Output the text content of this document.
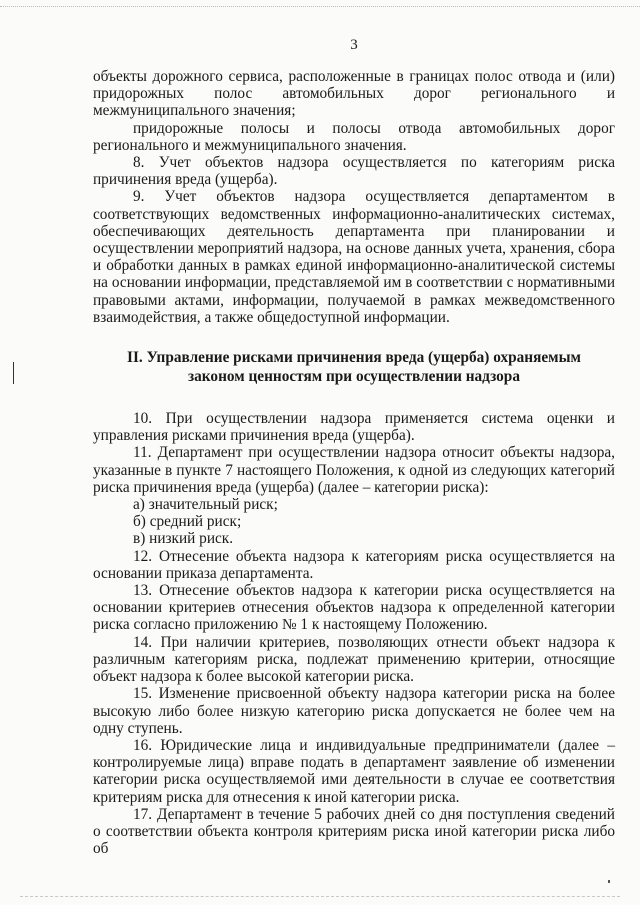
3

объекты дорожного сервиса, расположенные в границах полос отвода и (или) придорожных полос автомобильных дорог регионального и межмуниципального значения;

придорожные полосы и полосы отвода автомобильных дорог регионального и межмуниципального значения.

8. Учет объектов надзора осуществляется по категориям риска причинения вреда (ущерба).

9. Учет объектов надзора осуществляется департаментом в соответствующих ведомственных информационно-аналитических системах, обеспечивающих деятельность департамента при планировании и осуществлении мероприятий надзора, на основе данных учета, хранения, сбора и обработки данных в рамках единой информационно-аналитической системы на основании информации, представляемой им в соответствии с нормативными правовыми актами, информации, получаемой в рамках межведомственного взаимодействия, а также общедоступной информации.

II. Управление рисками причинения вреда (ущерба) охраняемым
законом ценностям при осуществлении надзора

10. При осуществлении надзора применяется система оценки и управления рисками причинения вреда (ущерба).

11. Департамент при осуществлении надзора относит объекты надзора, указанные в пункте 7 настоящего Положения, к одной из следующих категорий риска причинения вреда (ущерба) (далее – категории риска):

а) значительный риск;

б) средний риск;

в) низкий риск.

12. Отнесение объекта надзора к категориям риска осуществляется на основании приказа департамента.

13. Отнесение объектов надзора к категории риска осуществляется на основании критериев отнесения объектов надзора к определенной категории риска согласно приложению № 1 к настоящему Положению.

14. При наличии критериев, позволяющих отнести объект надзора к различным категориям риска, подлежат применению критерии, относящие объект надзора к более высокой категории риска.

15. Изменение присвоенной объекту надзора категории риска на более высокую либо более низкую категорию риска допускается не более чем на одну ступень.

16. Юридические лица и индивидуальные предприниматели (далее – контролируемые лица) вправе подать в департамент заявление об изменении категории риска осуществляемой ими деятельности в случае ее соответствия критериям риска для отнесения к иной категории риска.

17. Департамент в течение 5 рабочих дней со дня поступления сведений о соответствии объекта контроля критериям риска иной категории риска либо об
